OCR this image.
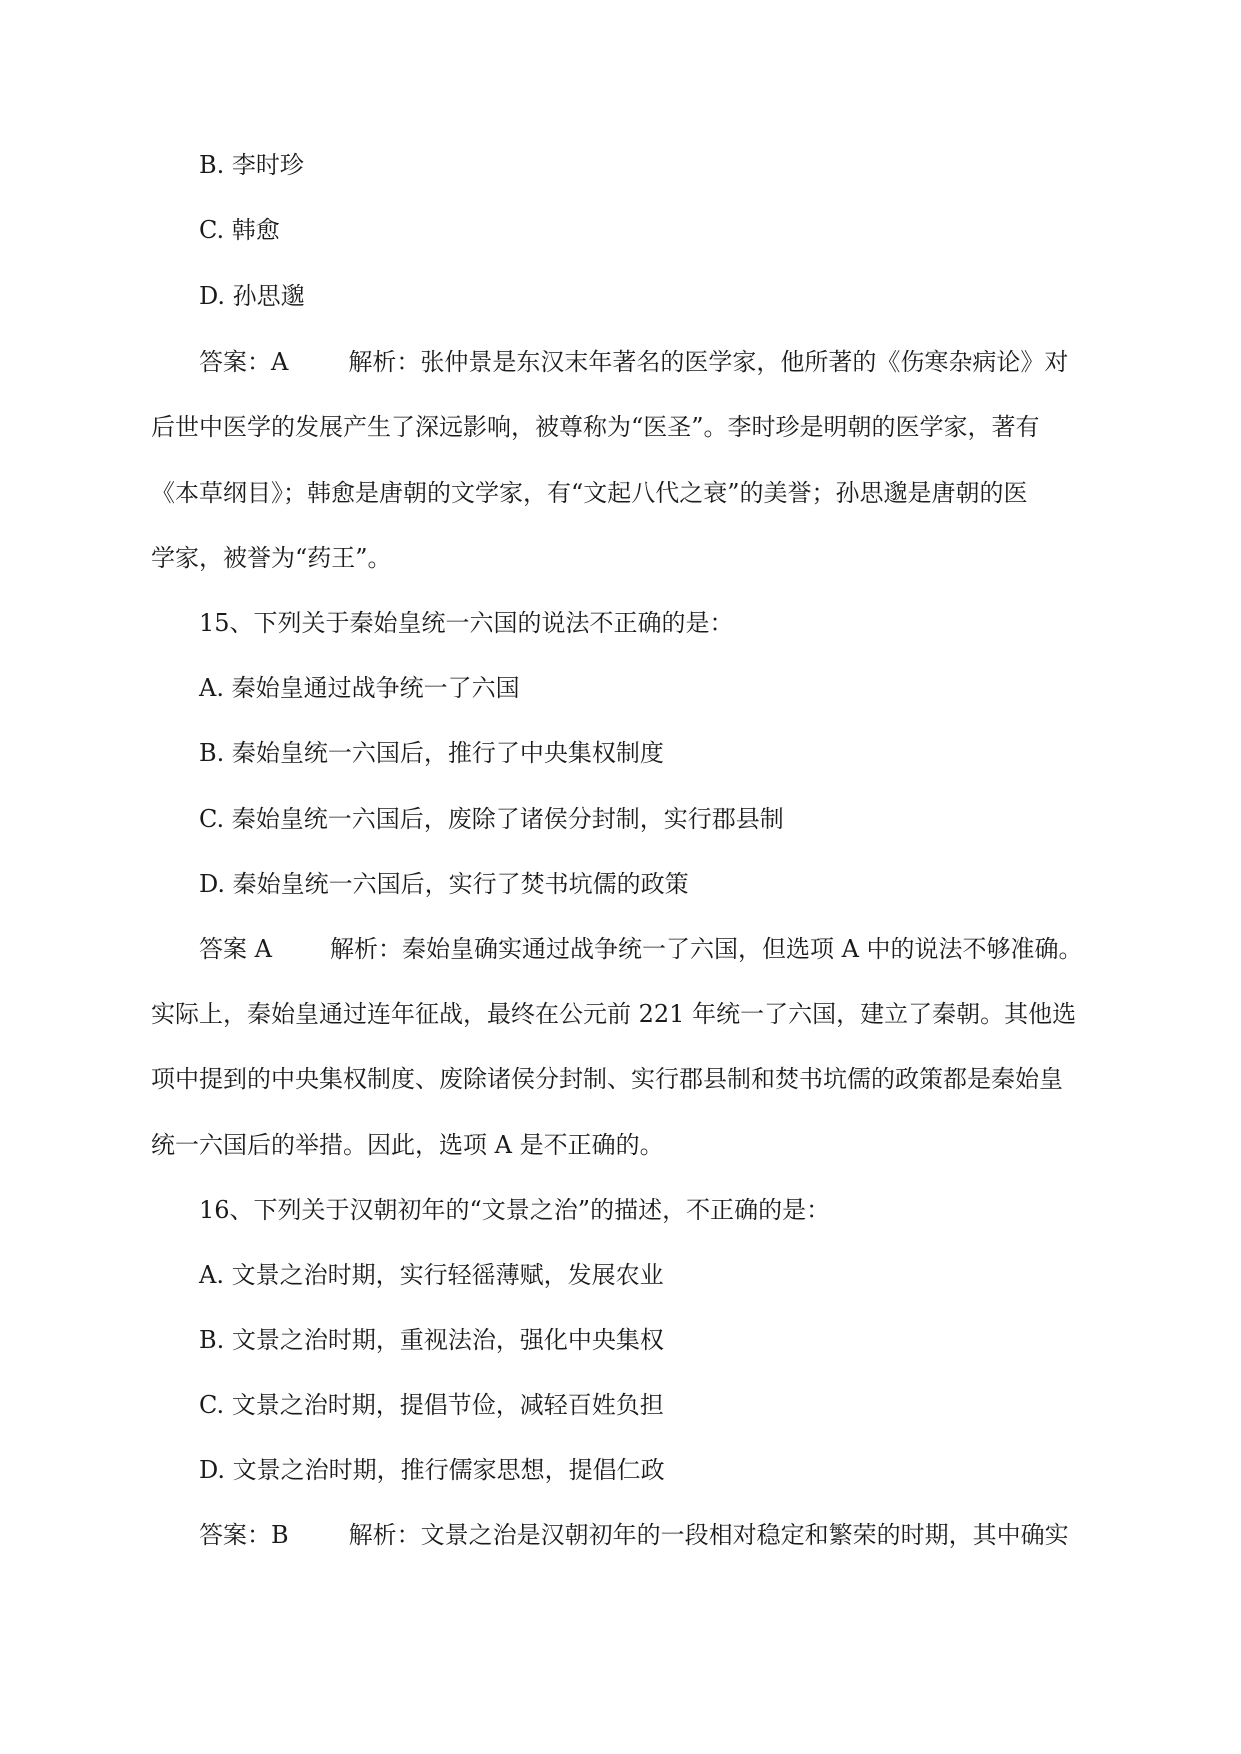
B. 李时珍
C. 韩愈
D. 孙思邈
答案：A	解析：张仲景是东汉末年著名的医学家，他所著的《伤寒杂病论》对
后世中医学的发展产生了深远影响，被尊称为“医圣”。李时珍是明朝的医学家，著有
《本草纲目》；韩愈是唐朝的文学家，有“文起八代之衰”的美誉；孙思邈是唐朝的医
学家，被誉为“药王”。
15、下列关于秦始皇统一六国的说法不正确的是：
A. 秦始皇通过战争统一了六国
B. 秦始皇统一六国后，推行了中央集权制度
C. 秦始皇统一六国后，废除了诸侯分封制，实行郡县制
D. 秦始皇统一六国后，实行了焚书坑儒的政策
答案 A 解析：秦始皇确实通过战争统一了六国，但选项 A 中的说法不够准确。
实际上，秦始皇通过连年征战，最终在公元前 221 年统一了六国，建立了秦朝。其他选
项中提到的中央集权制度、废除诸侯分封制、实行郡县制和焚书坑儒的政策都是秦始皇
统一六国后的举措。因此，选项 A 是不正确的。
16、下列关于汉朝初年的“文景之治”的描述，不正确的是：
A. 文景之治时期，实行轻徭薄赋，发展农业
B. 文景之治时期，重视法治，强化中央集权
C. 文景之治时期，提倡节俭，减轻百姓负担
D. 文景之治时期，推行儒家思想，提倡仁政
答案：B	解析：文景之治是汉朝初年的一段相对稳定和繁荣的时期，其中确实
